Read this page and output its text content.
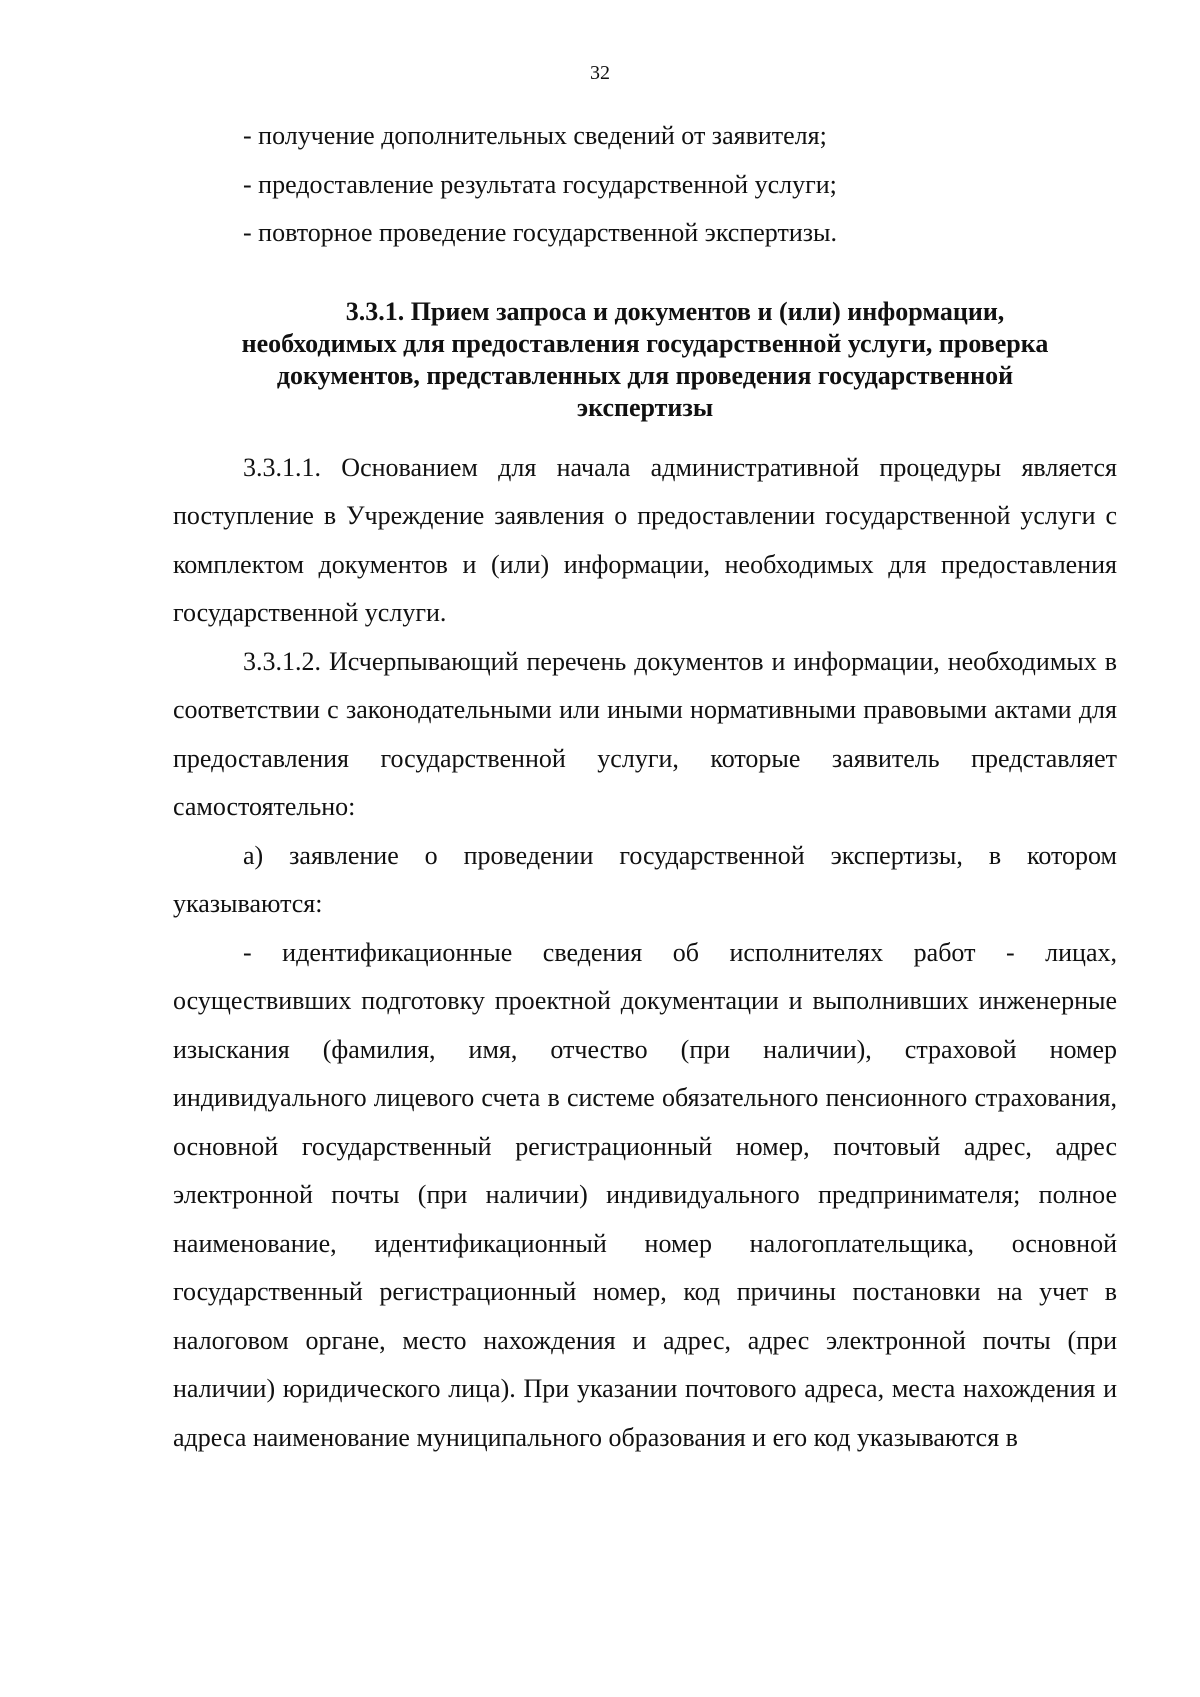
32

- получение дополнительных сведений от заявителя;

- предоставление результата государственной услуги;

- повторное проведение государственной экспертизы.

3.3.1. Прием запроса и документов и (или) информации,
необходимых для предоставления государственной услуги, проверка
документов, представленных для проведения государственной
экспертизы

3.3.1.1. Основанием для начала административной процедуры является поступление в Учреждение заявления о предоставлении государственной услуги с комплектом документов и (или) информации, необходимых для предоставления государственной услуги.

3.3.1.2. Исчерпывающий перечень документов и информации, необходимых в соответствии с законодательными или иными нормативными правовыми актами для предоставления государственной услуги, которые заявитель представляет самостоятельно:

а) заявление о проведении государственной экспертизы, в котором указываются:

- идентификационные сведения об исполнителях работ - лицах, осуществивших подготовку проектной документации и выполнивших инженерные изыскания (фамилия, имя, отчество (при наличии), страховой номер индивидуального лицевого счета в системе обязательного пенсионного страхования, основной государственный регистрационный номер, почтовый адрес, адрес электронной почты (при наличии) индивидуального предпринимателя; полное наименование, идентификационный номер налогоплательщика, основной государственный регистрационный номер, код причины постановки на учет в налоговом органе, место нахождения и адрес, адрес электронной почты (при наличии) юридического лица). При указании почтового адреса, места нахождения и адреса наименование муниципального образования и его код указываются в
